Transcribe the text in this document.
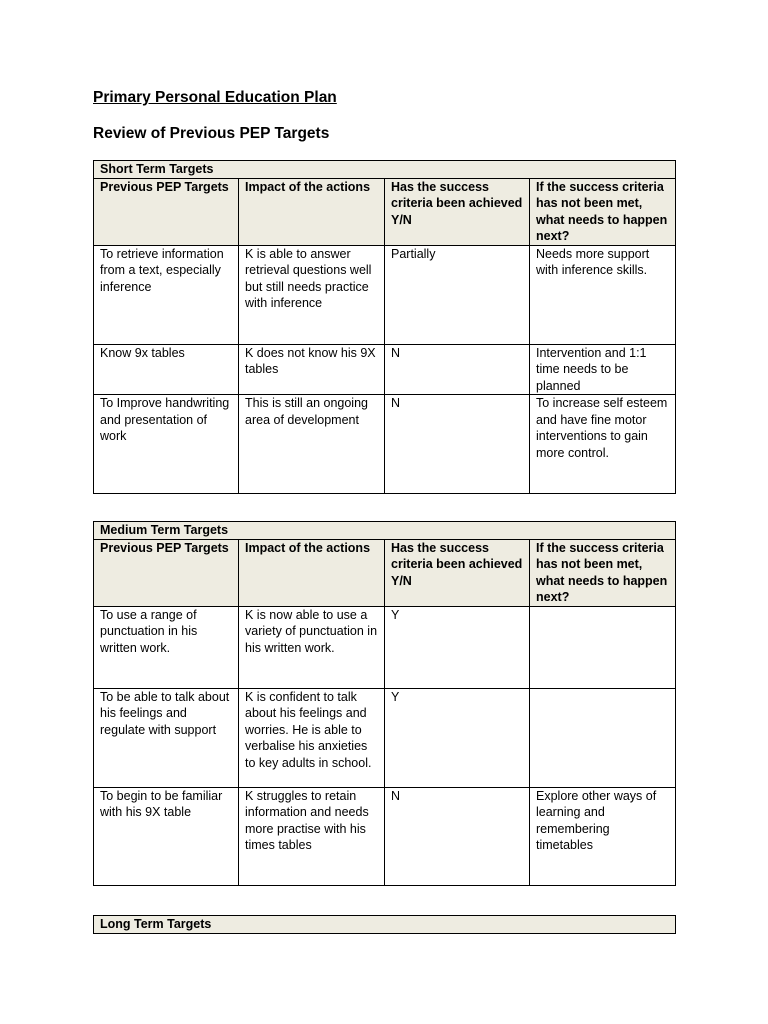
Primary Personal Education Plan
Review of Previous PEP Targets
Short Term Targets			
Previous PEP Targets	Impact of the actions	Has the success criteria been achieved Y/N	If the success criteria has not been met, what needs to happen next?
To retrieve information from a text, especially inference	K is able to answer retrieval questions well but still needs practice with inference	Partially	Needs more support with inference skills.
Know 9x tables	K does not know his 9X tables	N	Intervention and 1:1 time needs to be planned
To Improve handwriting and presentation of work	This is still an ongoing area of development	N	To increase self esteem and have fine motor interventions to gain more control.
Medium Term Targets			
Previous PEP Targets	Impact of the actions	Has the success criteria been achieved Y/N	If the success criteria has not been met, what needs to happen next?
To use a range of punctuation in his written work.	K is now able to use a variety of punctuation in his written work.	Y	
To be able to talk about his feelings and regulate with support	K is confident to talk about his feelings and worries. He is able to verbalise his anxieties to key adults in school.	Y	
To begin to be familiar with his 9X table	K struggles to retain information and needs more practise with his times tables	N	Explore other ways of learning and remembering timetables
Long Term Targets
